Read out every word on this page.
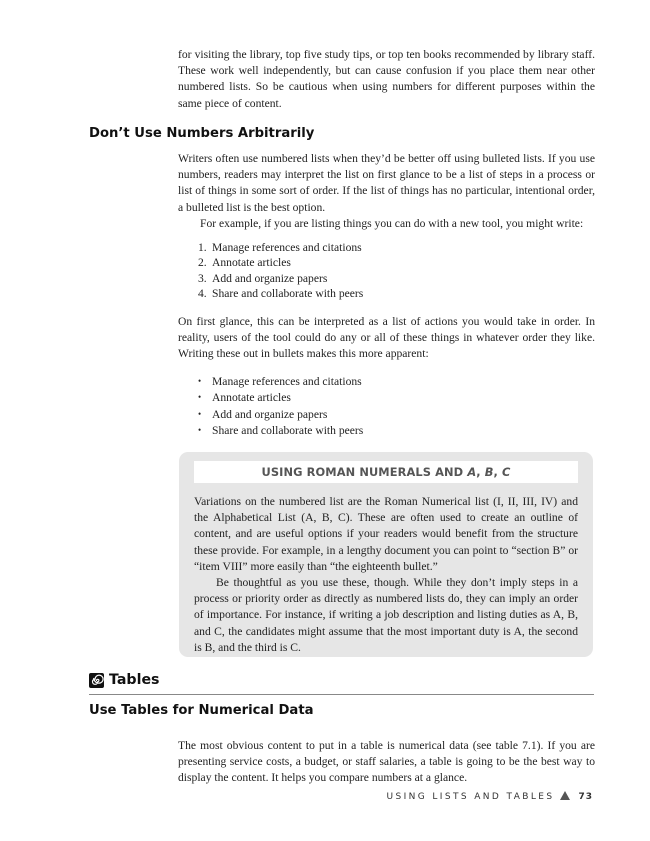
for visiting the library, top five study tips, or top ten books recommended by library staff. These work well independently, but can cause confusion if you place them near other numbered lists. So be cautious when using numbers for different purposes within the same piece of content.

Don’t Use Numbers Arbitrarily

Writers often use numbered lists when they’d be better off using bulleted lists. If you use numbers, readers may interpret the list on first glance to be a list of steps in a process or list of things in some sort of order. If the list of things has no particular, intentional order, a bulleted list is the best option.

For example, if you are listing things you can do with a new tool, you might write:

1. Manage references and citations
2. Annotate articles
3. Add and organize papers
4. Share and collaborate with peers

On first glance, this can be interpreted as a list of actions you would take in order. In reality, users of the tool could do any or all of these things in whatever order they like. Writing these out in bullets makes this more apparent:

• Manage references and citations
• Annotate articles
• Add and organize papers
• Share and collaborate with peers
USING ROMAN NUMERALS AND A, B, C

Variations on the numbered list are the Roman Numerical list (I, II, III, IV) and the Alphabetical List (A, B, C). These are often used to create an outline of content, and are useful options if your readers would benefit from the structure these provide. For example, in a lengthy document you can point to “section B” or “item VIII” more easily than “the eighteenth bullet.”

Be thoughtful as you use these, though. While they don’t imply steps in a process or priority order as directly as numbered lists do, they can imply an order of importance. For instance, if writing a job description and listing duties as A, B, and C, the candidates might assume that the most important duty is A, the second is B, and the third is C.

Tables
Use Tables for Numerical Data

The most obvious content to put in a table is numerical data (see table 7.1). If you are presenting service costs, a budget, or staff salaries, a table is going to be the best way to display the content. It helps you compare numbers at a glance.

USING LISTS AND TABLES	73
